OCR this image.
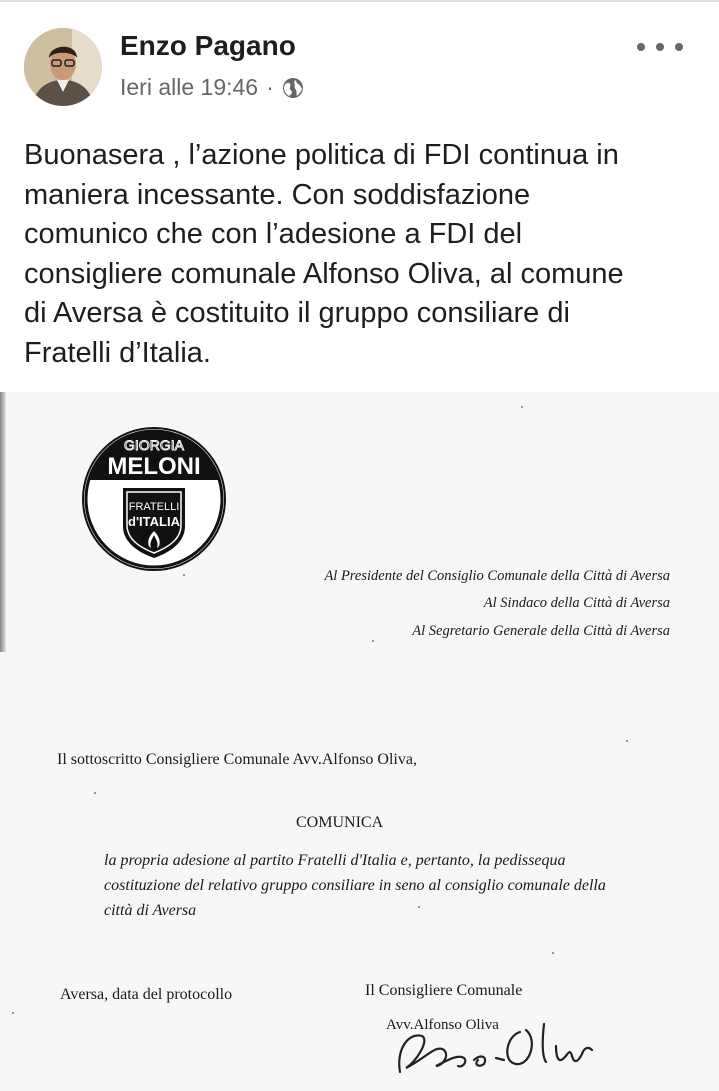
Enzo Pagano
Ieri alle 19:46 ·
Buonasera , l’azione politica di FDI continua in
maniera incessante. Con soddisfazione
comunico che con l’adesione a FDI del
consigliere comunale Alfonso Oliva, al comune
di Aversa è costituito il gruppo consiliare di
Fratelli d’Italia.
GIORGIA
MELONI
FRATELLI
d'ITALIA
Al Presidente del Consiglio Comunale della Città di Aversa
Al Sindaco della Città di Aversa
Al Segretario Generale della Città di Aversa
Il sottoscritto Consigliere Comunale Avv.Alfonso Oliva,
COMUNICA
la propria adesione al partito Fratelli d'Italia e, pertanto, la pedissequa
costituzione del relativo gruppo consiliare in seno al consiglio comunale della
città di Aversa
Aversa, data del protocollo	Il Consigliere Comunale
Avv.Alfonso Oliva
